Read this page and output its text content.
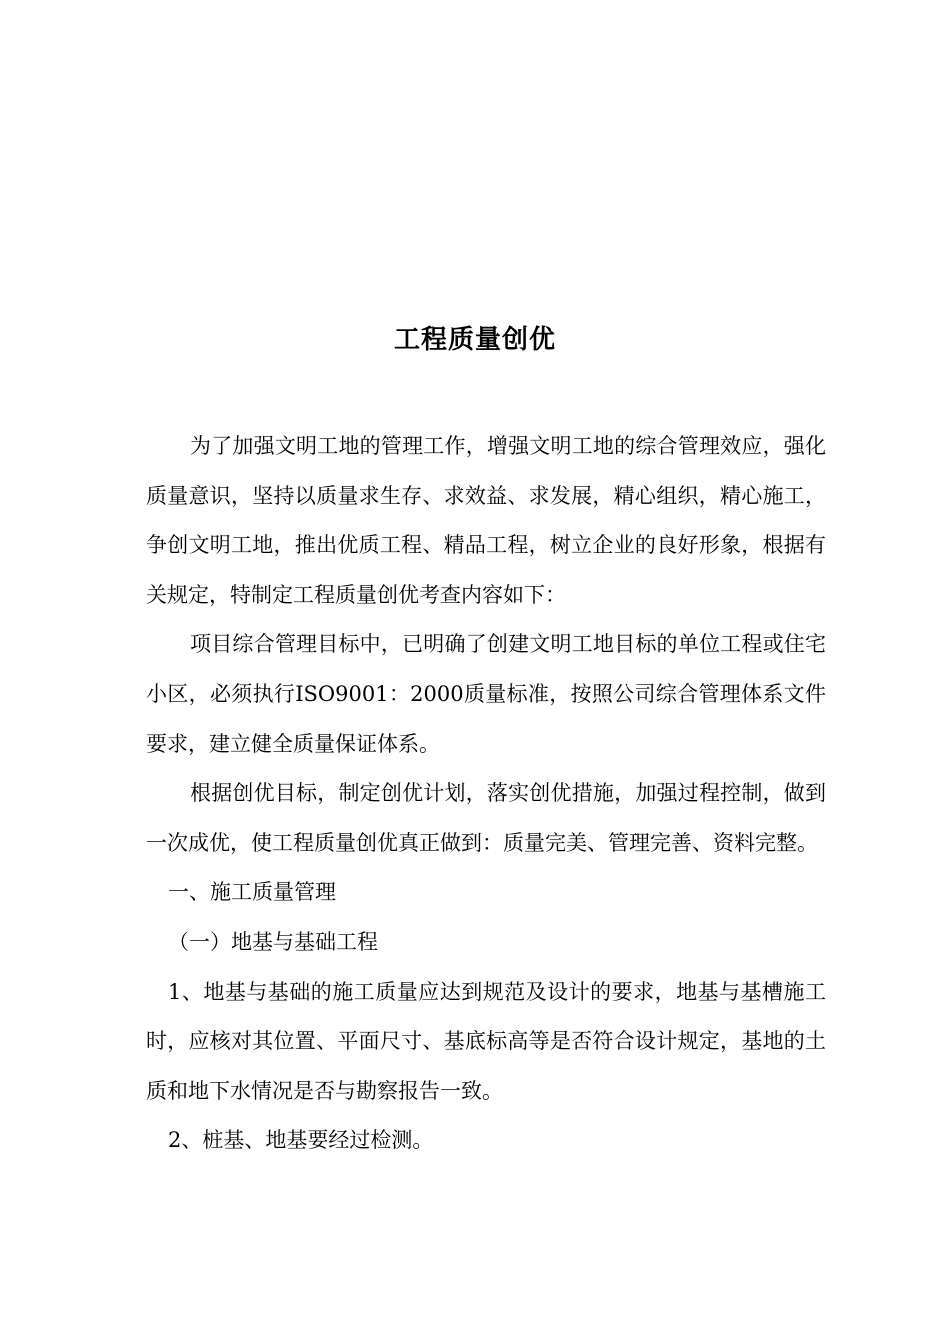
工程质量创优

为了加强文明工地的管理工作，增强文明工地的综合管理效应，强化质量意识，坚持以质量求生存、求效益、求发展，精心组织，精心施工，争创文明工地，推出优质工程、精品工程，树立企业的良好形象，根据有关规定，特制定工程质量创优考查内容如下：

项目综合管理目标中，已明确了创建文明工地目标的单位工程或住宅小区，必须执行ISO9001：2000质量标准，按照公司综合管理体系文件要求，建立健全质量保证体系。

根据创优目标，制定创优计划，落实创优措施，加强过程控制，做到一次成优，使工程质量创优真正做到：质量完美、管理完善、资料完整。

一、施工质量管理

（一）地基与基础工程

1、地基与基础的施工质量应达到规范及设计的要求，地基与基槽施工时，应核对其位置、平面尺寸、基底标高等是否符合设计规定，基地的土质和地下水情况是否与勘察报告一致。

2、桩基、地基要经过检测。
